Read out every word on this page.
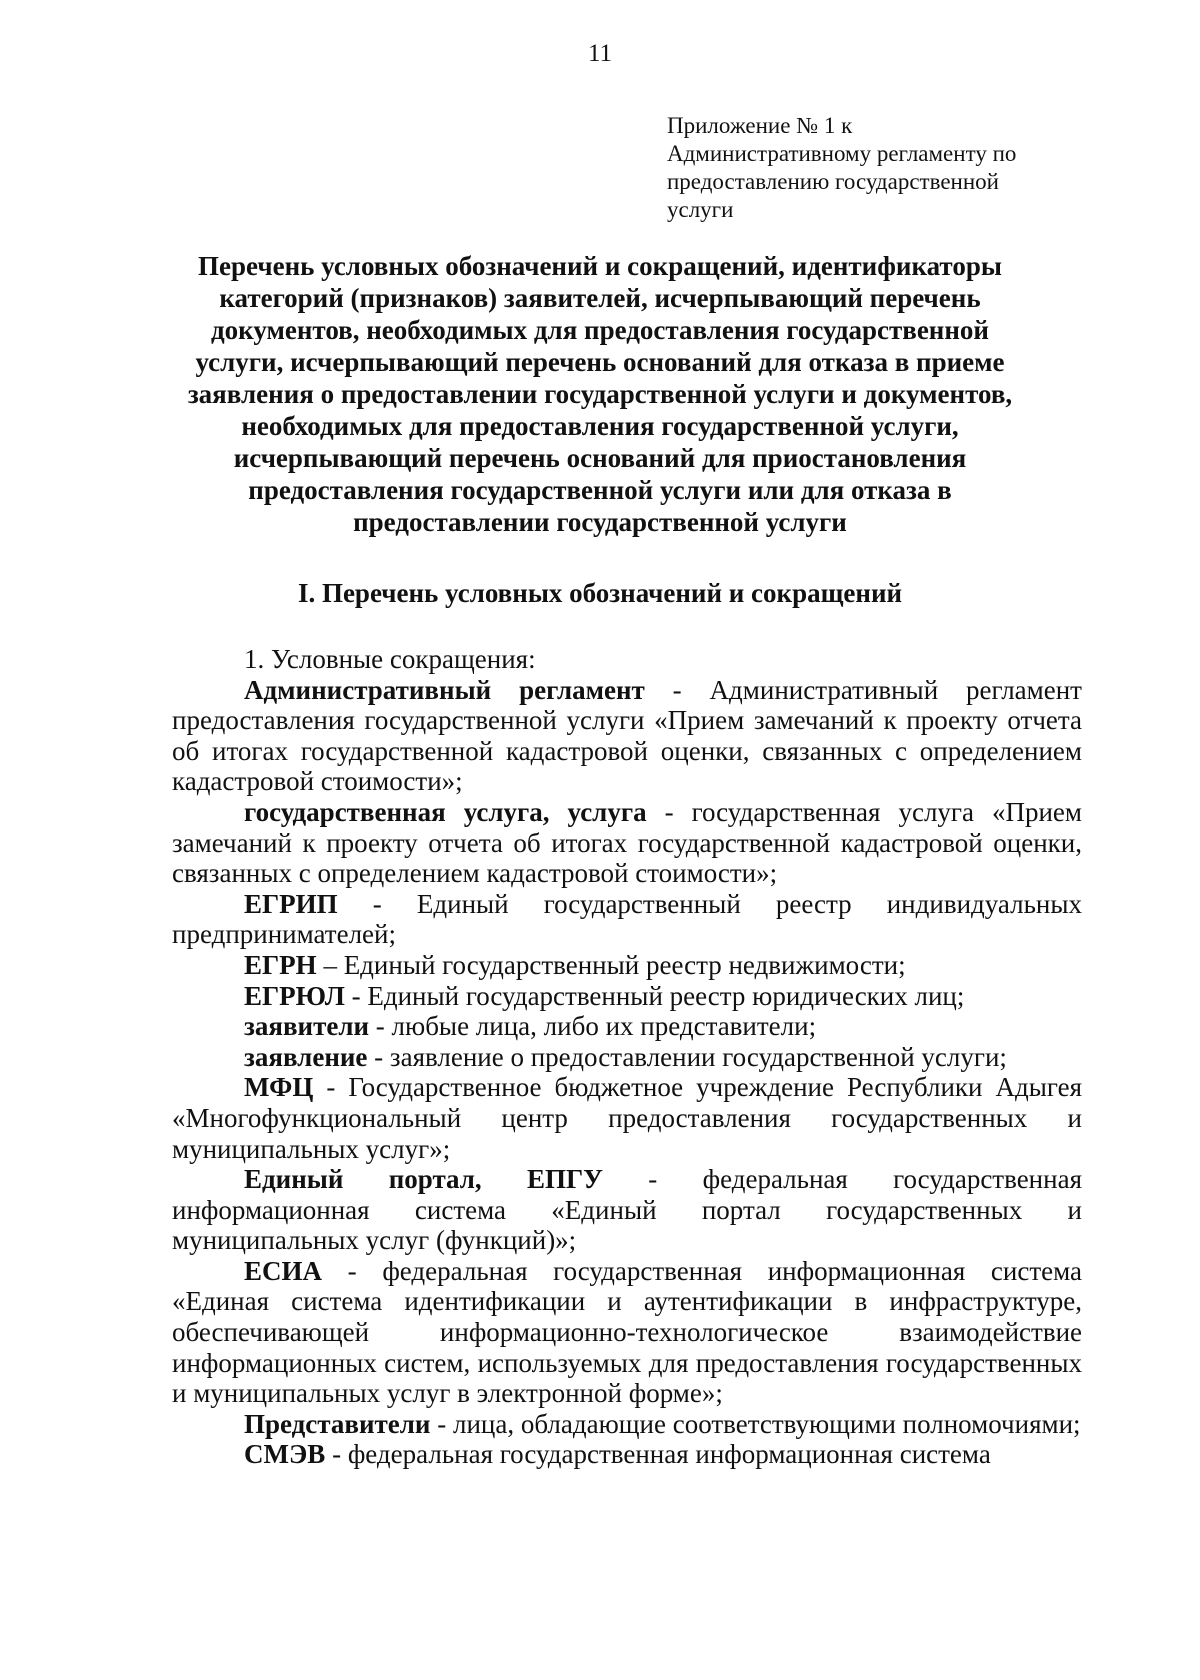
11
Приложение № 1 к
Административному регламенту по
предоставлению государственной
услуги
Перечень условных обозначений и сокращений, идентификаторы
категорий (признаков) заявителей, исчерпывающий перечень
документов, необходимых для предоставления государственной
услуги, исчерпывающий перечень оснований для отказа в приеме
заявления о предоставлении государственной услуги и документов,
необходимых для предоставления государственной услуги,
исчерпывающий перечень оснований для приостановления
предоставления государственной услуги или для отказа в
предоставлении государственной услуги
I. Перечень условных обозначений и сокращений

1. Условные сокращения:

Административный регламент - Административный регламент предоставления государственной услуги «Прием замечаний к проекту отчета об итогах государственной кадастровой оценки, связанных с определением кадастровой стоимости»;

государственная услуга, услуга - государственная услуга «Прием замечаний к проекту отчета об итогах государственной кадастровой оценки, связанных с определением кадастровой стоимости»;

ЕГРИП - Единый государственный реестр индивидуальных предпринимателей;

ЕГРН – Единый государственный реестр недвижимости;

ЕГРЮЛ - Единый государственный реестр юридических лиц;

заявители - любые лица, либо их представители;

заявление - заявление о предоставлении государственной услуги;

МФЦ - Государственное бюджетное учреждение Республики Адыгея «Многофункциональный центр предоставления государственных и муниципальных услуг»;

Единый портал, ЕПГУ - федеральная государственная информационная система «Единый портал государственных и муниципальных услуг (функций)»;

ЕСИА - федеральная государственная информационная система «Единая система идентификации и аутентификации в инфраструктуре, обеспечивающей информационно-технологическое взаимодействие информационных систем, используемых для предоставления государственных и муниципальных услуг в электронной форме»;

Представители - лица, обладающие соответствующими полномочиями;

СМЭВ - федеральная государственная информационная система
